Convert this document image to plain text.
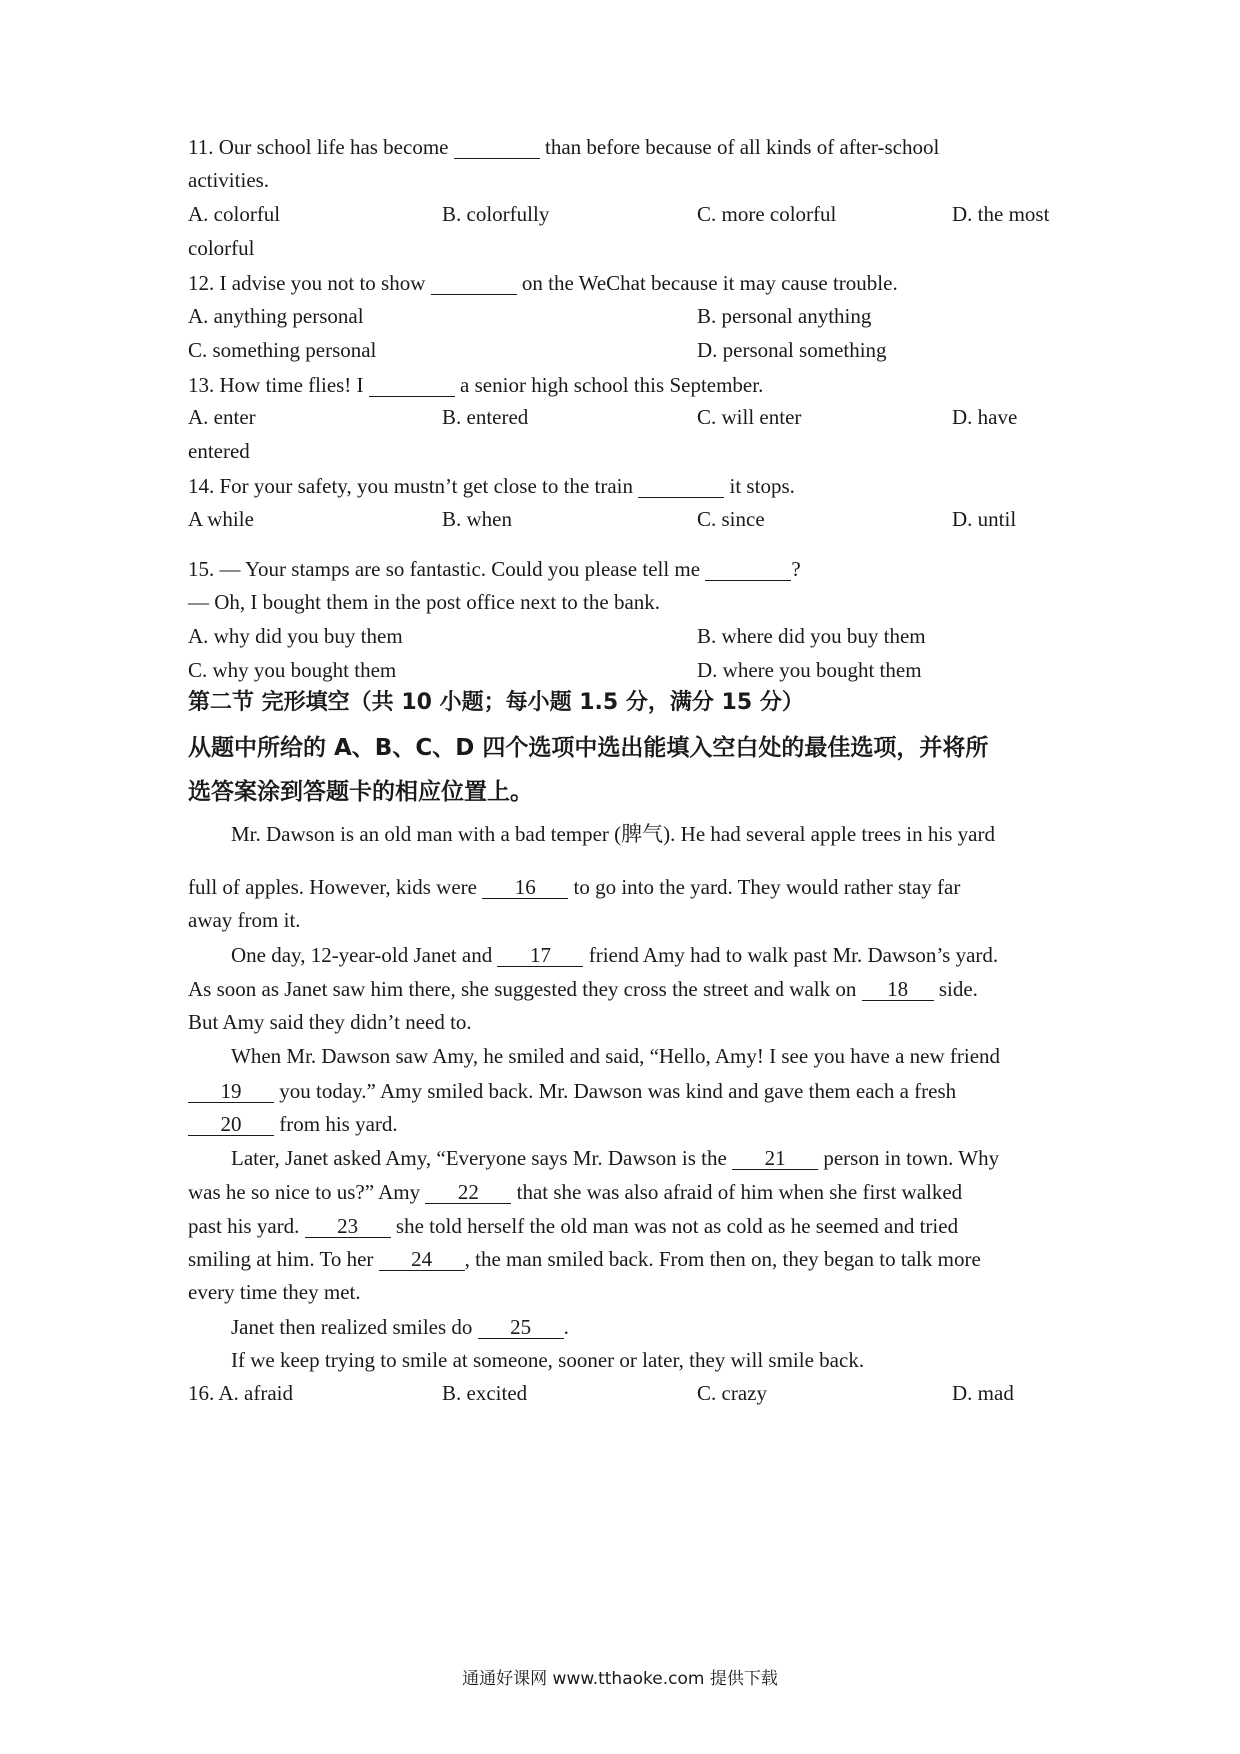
11. Our school life has become	than before because of all kinds of after-school
activities.
A. colorful	B. colorfully	C. more colorful	D. the most
colorful
12. I advise you not to show	on the WeChat because it may cause trouble.
A. anything personal	B. personal anything
C. something personal	D. personal something
13. How time flies! I	a senior high school this September.
A. enter	B. entered	C. will enter	D. have
entered
14. For your safety, you mustn’t get close to the train	it stops.
A while	B. when	C. since	D. until
15. — Your stamps are so fantastic. Could you please tell me	?
— Oh, I bought them in the post office next to the bank.
A. why did you buy them	B. where did you buy them
C. why you bought them	D. where you bought them
第二节 完形填空（共 10 小题；每小题 1.5 分，满分 15 分）
从题中所给的 A、B、C、D 四个选项中选出能填入空白处的最佳选项，并将所
选答案涂到答题卡的相应位置上。
Mr. Dawson is an old man with a bad temper (脾气). He had several apple trees in his yard
full of apples. However, kids were 16 to go into the yard. They would rather stay far
away from it.
One day, 12-year-old Janet and 17 friend Amy had to walk past Mr. Dawson’s yard.
As soon as Janet saw him there, she suggested they cross the street and walk on 18 side.
But Amy said they didn’t need to.
When Mr. Dawson saw Amy, he smiled and said, “Hello, Amy! I see you have a new friend
19 you today.” Amy smiled back. Mr. Dawson was kind and gave them each a fresh
20 from his yard.
Later, Janet asked Amy, “Everyone says Mr. Dawson is the 21 person in town. Why
was he so nice to us?” Amy 22 that she was also afraid of him when she first walked
past his yard. 23 she told herself the old man was not as cold as he seemed and tried
smiling at him. To her 24 , the man smiled back. From then on, they began to talk more
every time they met.
Janet then realized smiles do 25 .
If we keep trying to smile at someone, sooner or later, they will smile back.
16. A. afraid	B. excited	C. crazy	D. mad
通通好课网 www.tthaoke.com 提供下载
